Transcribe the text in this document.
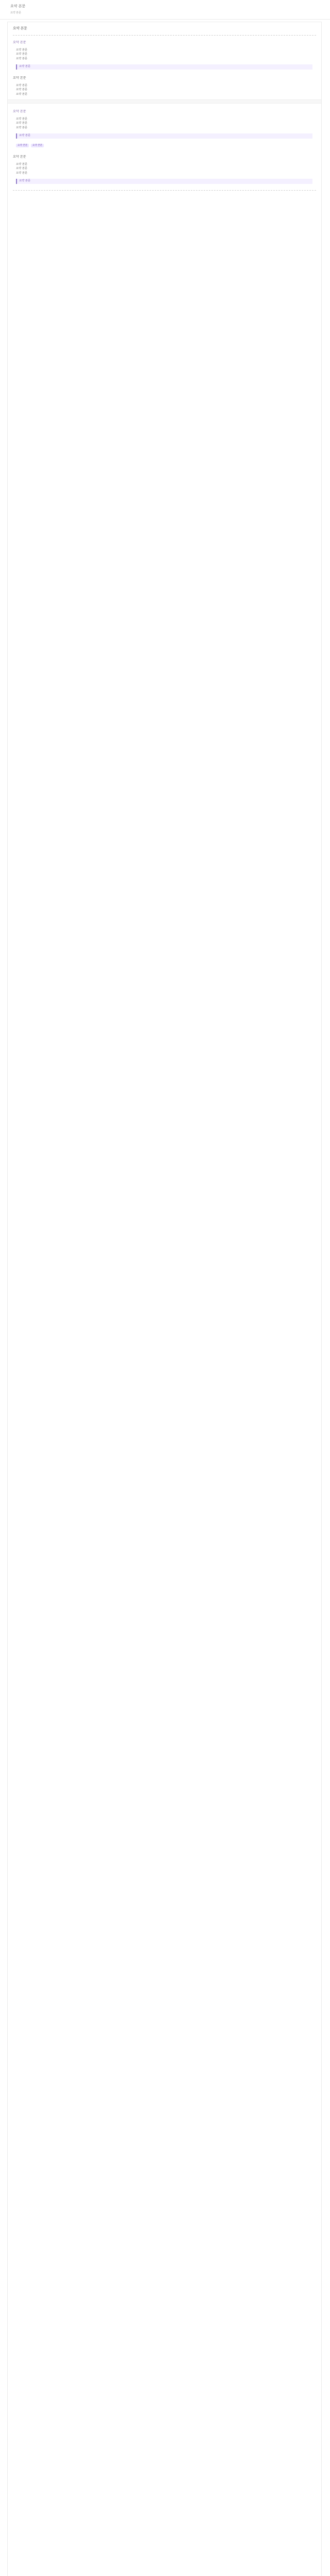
요약 본문
요약 본문
요약 본문
요약 본문

요약 본문

요약 본문

요약 본문

요약 본문
요약 본문

요약 본문

요약 본문

요약 본문

요약 본문

요약 본문

요약 본문

요약 본문

요약 본문
요약 본문 요약 본문
요약 본문

요약 본문

요약 본문

요약 본문

요약 본문
